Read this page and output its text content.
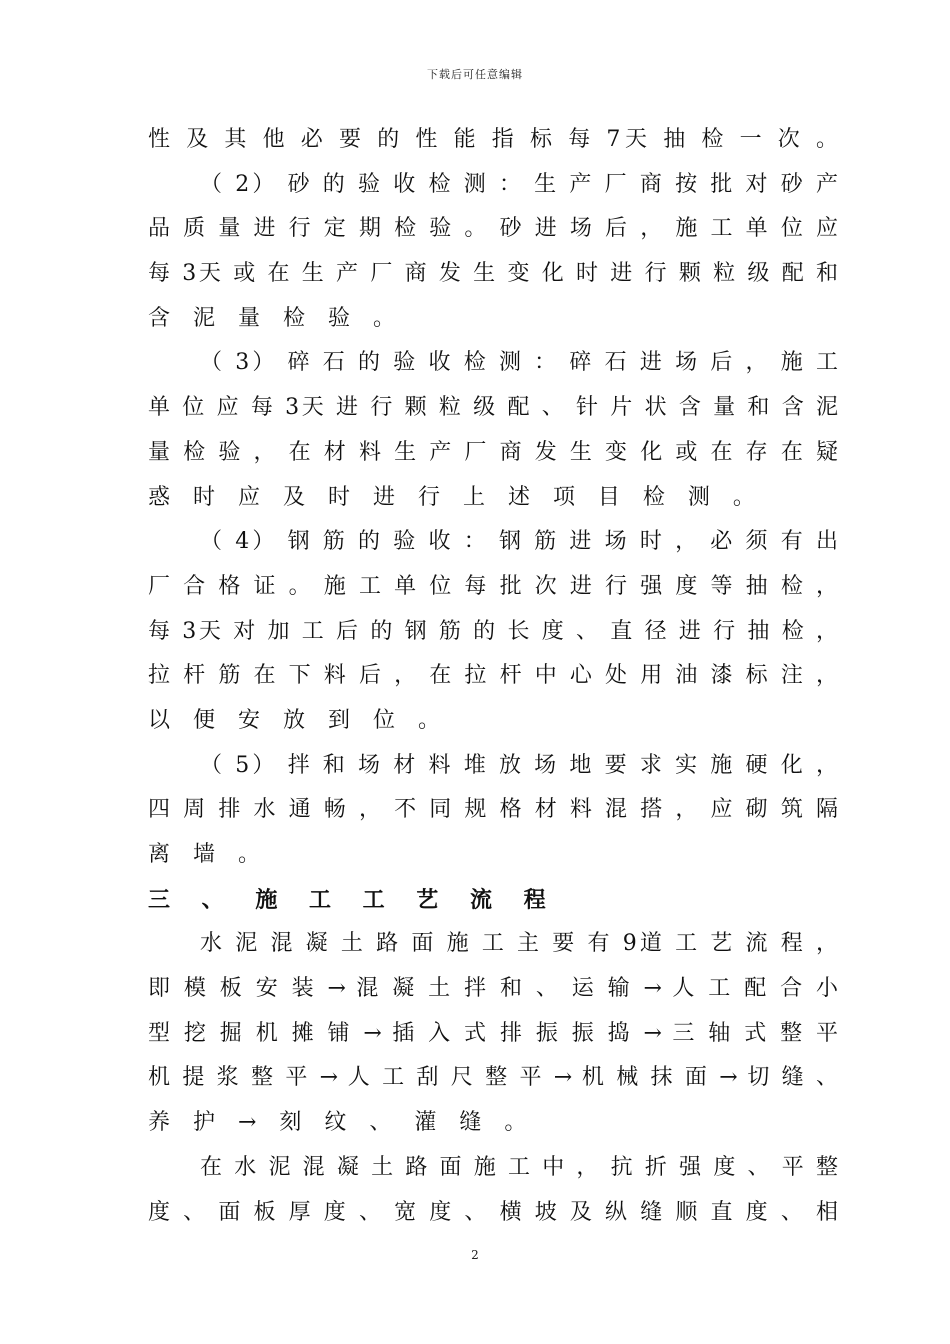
下载后可任意编辑
性 及 其 他 必 要 的 性 能 指 标 每 7天 抽 检 一 次 。
（ 2） 砂 的 验 收 检 测 ： 生 产 厂 商 按 批 对 砂 产
品 质 量 进 行 定 期 检 验 。 砂 进 场 后 ， 施 工 单 位 应
每 3天 或 在 生 产 厂 商 发 生 变 化 时 进 行 颗 粒 级 配 和
含 泥 量 检 验 。
（ 3） 碎 石 的 验 收 检 测 ： 碎 石 进 场 后 ， 施 工
单 位 应 每 3天 进 行 颗 粒 级 配 、 针 片 状 含 量 和 含 泥
量 检 验 ， 在 材 料 生 产 厂 商 发 生 变 化 或 在 存 在 疑
惑 时 应 及 时 进 行 上 述 项 目 检 测 。
（ 4） 钢 筋 的 验 收 ： 钢 筋 进 场 时 ， 必 须 有 出
厂 合 格 证 。 施 工 单 位 每 批 次 进 行 强 度 等 抽 检 ，
每 3天 对 加 工 后 的 钢 筋 的 长 度 、 直 径 进 行 抽 检 ，
拉 杆 筋 在 下 料 后 ， 在 拉 杆 中 心 处 用 油 漆 标 注 ，
以 便 安 放 到 位 。
（ 5） 拌 和 场 材 料 堆 放 场 地 要 求 实 施 硬 化 ，
四 周 排 水 通 畅 ， 不 同 规 格 材 料 混 搭 ， 应 砌 筑 隔
离 墙 。
三 、 施 工 工 艺 流 程
水 泥 混 凝 土 路 面 施 工 主 要 有 9道 工 艺 流 程 ，
即 模 板 安 装 → 混 凝 土 拌 和 、 运 输 → 人 工 配 合 小
型 挖 掘 机 摊 铺 → 插 入 式 排 振 振 捣 → 三 轴 式 整 平
机 提 浆 整 平 → 人 工 刮 尺 整 平 → 机 械 抹 面 → 切 缝 、
养 护 → 刻 纹 、 灌 缝 。
在 水 泥 混 凝 土 路 面 施 工 中 ， 抗 折 强 度 、 平 整
度 、 面 板 厚 度 、 宽 度 、 横 坡 及 纵 缝 顺 直 度 、 相
2
